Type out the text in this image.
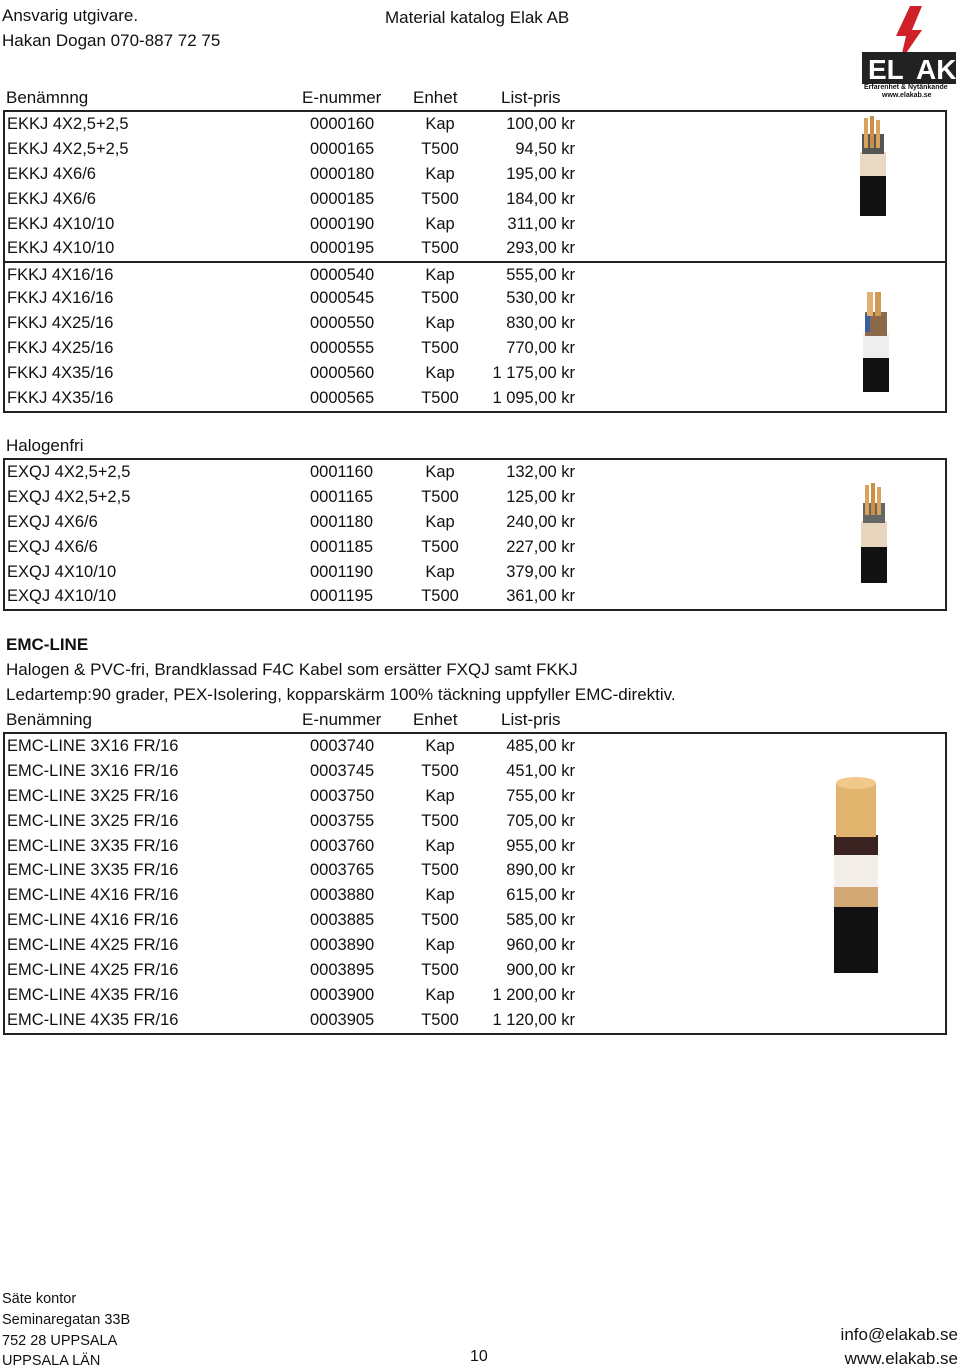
Ansvarig utgivare.
Hakan Dogan 070-887 72 75
Material katalog Elak AB
EL AK
Erfarenhet & Nytänkande
www.elakab.se
Benämnng	E-nummer Enhet	List-pris
EKKJ 4X2,5+2,5	0000160	Kap	100,00 kr
EKKJ 4X2,5+2,5	0000165	T500	94,50 kr
EKKJ 4X6/6	0000180	Kap	195,00 kr
EKKJ 4X6/6	0000185	T500	184,00 kr
EKKJ 4X10/10	0000190	Kap	311,00 kr
EKKJ 4X10/10	0000195	T500	293,00 kr
FKKJ 4X16/16	0000540	Kap	555,00 kr
FKKJ 4X16/16	0000545	T500	530,00 kr
FKKJ 4X25/16	0000550	Kap	830,00 kr
FKKJ 4X25/16	0000555	T500	770,00 kr
FKKJ 4X35/16	0000560	Kap	1 175,00 kr
FKKJ 4X35/16	0000565	T500	1 095,00 kr
Halogenfri
EXQJ 4X2,5+2,5	0001160	Kap	132,00 kr
EXQJ 4X2,5+2,5	0001165	T500	125,00 kr
EXQJ 4X6/6	0001180	Kap	240,00 kr
EXQJ 4X6/6	0001185	T500	227,00 kr
EXQJ 4X10/10	0001190	Kap	379,00 kr
EXQJ 4X10/10	0001195	T500	361,00 kr
EMC-LINE
Halogen & PVC-fri, Brandklassad F4C Kabel som ersätter FXQJ samt FKKJ
Ledartemp:90 grader, PEX-Isolering, kopparskärm 100% täckning uppfyller EMC-direktiv.
Benämning	E-nummer Enhet	List-pris
EMC-LINE 3X16 FR/16	0003740	Kap	485,00 kr
EMC-LINE 3X16 FR/16	0003745	T500	451,00 kr
EMC-LINE 3X25 FR/16	0003750	Kap	755,00 kr
EMC-LINE 3X25 FR/16	0003755	T500	705,00 kr
EMC-LINE 3X35 FR/16	0003760	Kap	955,00 kr
EMC-LINE 3X35 FR/16	0003765	T500	890,00 kr
EMC-LINE 4X16 FR/16	0003880	Kap	615,00 kr
EMC-LINE 4X16 FR/16	0003885	T500	585,00 kr
EMC-LINE 4X25 FR/16	0003890	Kap	960,00 kr
EMC-LINE 4X25 FR/16	0003895	T500	900,00 kr
EMC-LINE 4X35 FR/16	0003900	Kap	1 200,00 kr
EMC-LINE 4X35 FR/16	0003905	T500	1 120,00 kr
Säte kontor
Seminaregatan 33B
752 28 UPPSALA
UPPSALA LÄN	10
info@elakab.se
www.elakab.se
